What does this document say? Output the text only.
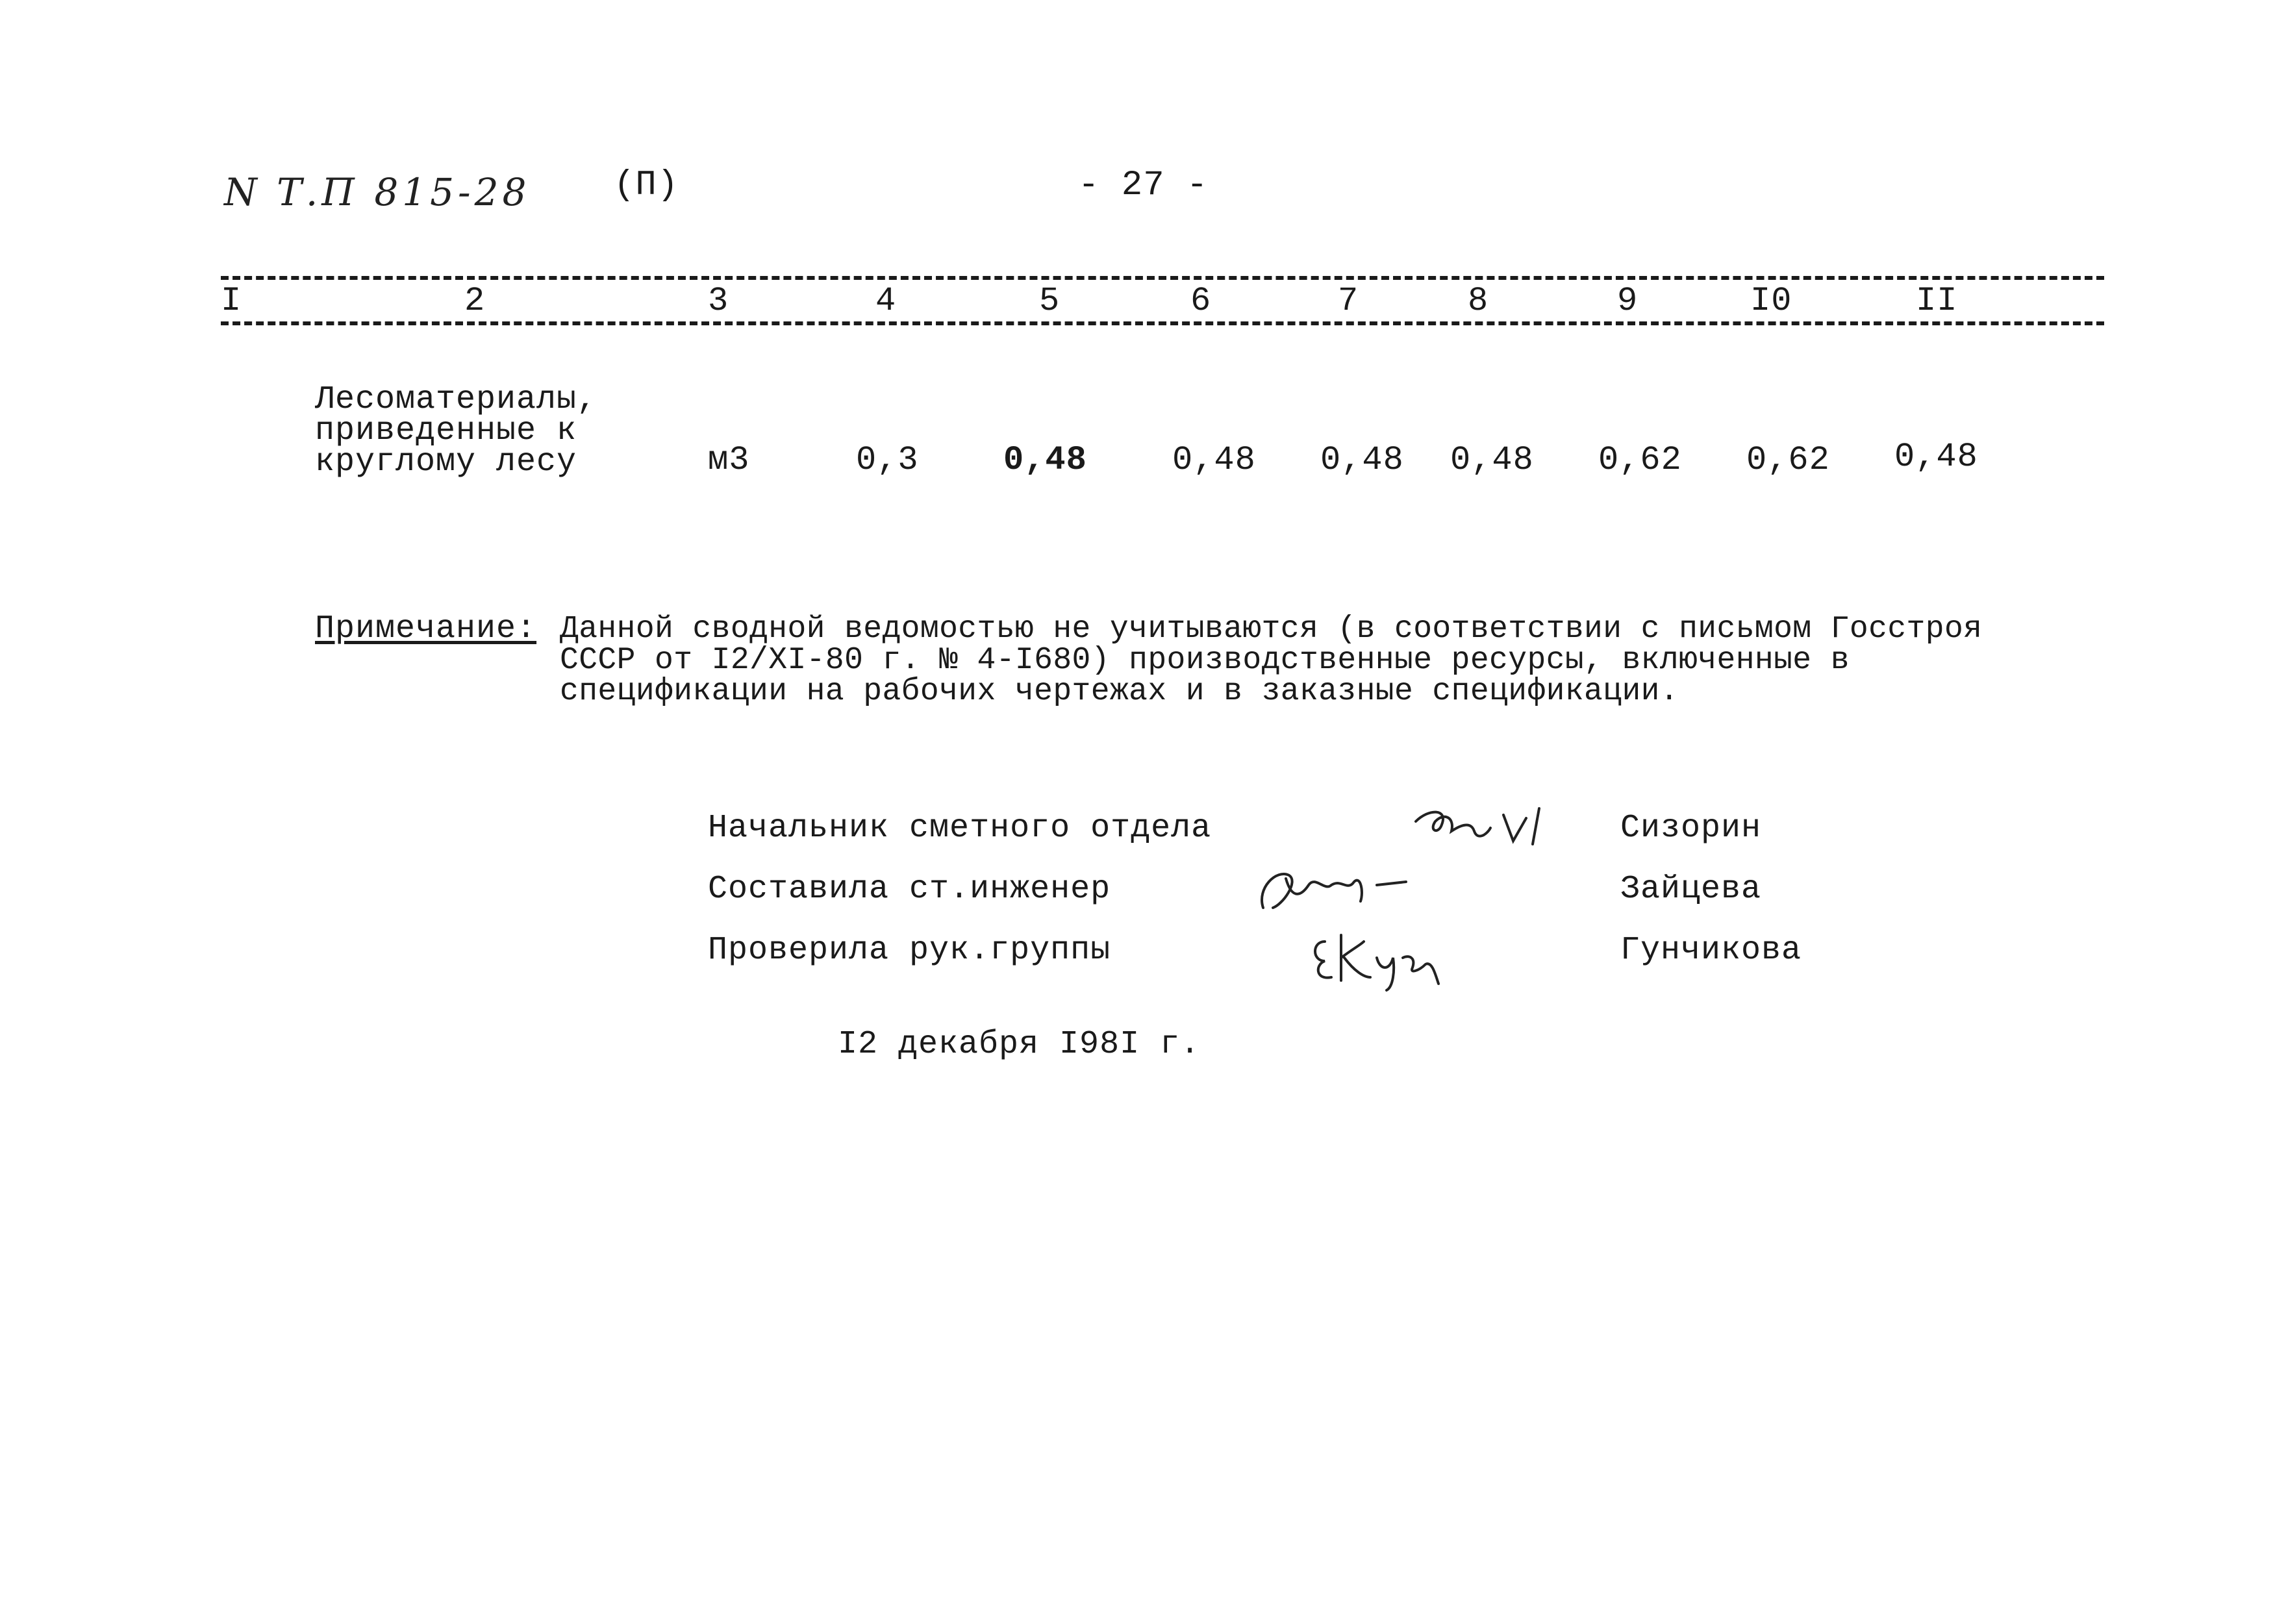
N Т.П 815-28 (П)	- 27 -
I	2	3	4	5	6	7	8	9	I0	II
Лесоматериалы,
приведенные к
круглому лесу	м3	0,3	0,48	0,48 0,48 0,48 0,62 0,62 0,48
Примечание: Данной сводной ведомостью не учитываются (в соответствии с письмом Госстроя
СССР от I2/XI-80 г. № 4-I680) производственные ресурсы, включенные в
спецификации на рабочих чертежах и в заказные спецификации.
Начальник сметного отдела	Сизорин
Составила ст.инженер	Зайцева
Проверила рук.группы	Гунчикова
I2 декабря I98I г.
